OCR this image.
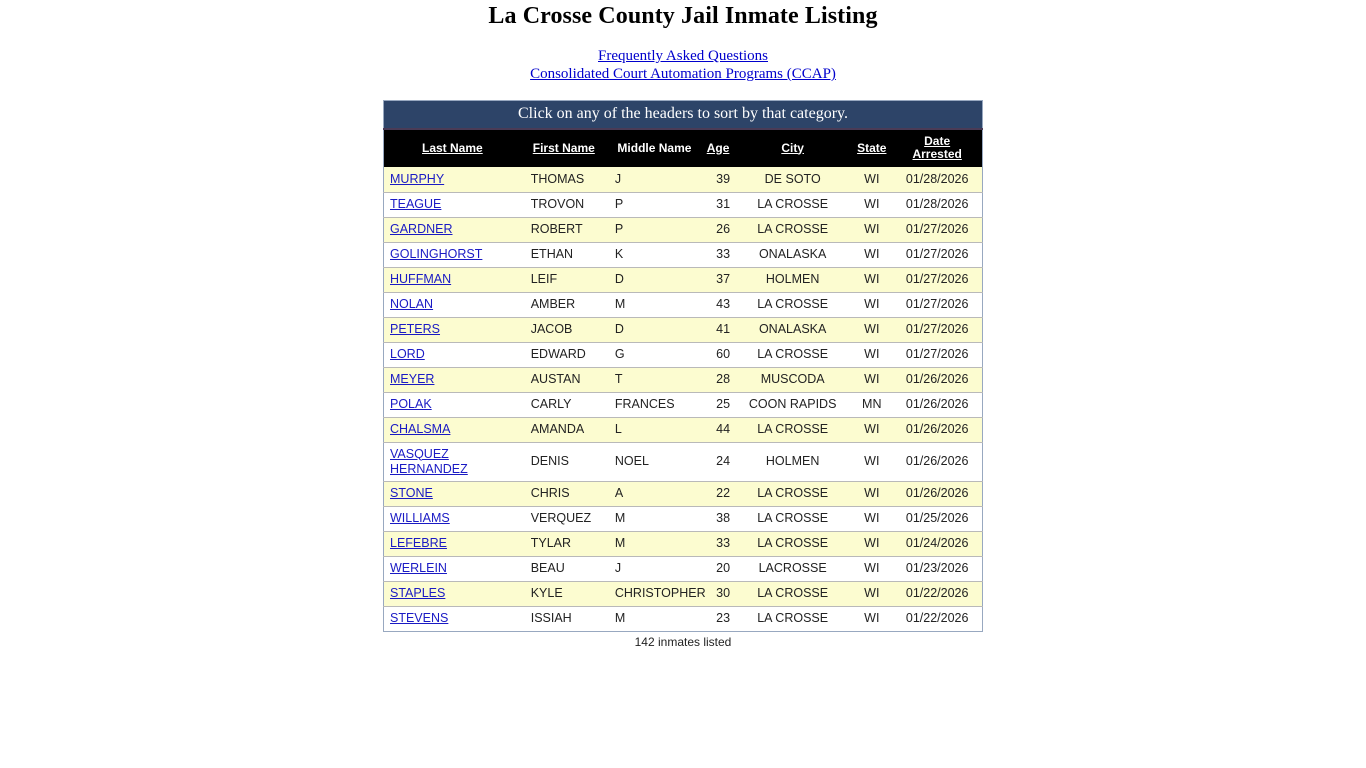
La Crosse County Jail Inmate Listing
Frequently Asked Questions
Consolidated Court Automation Programs (CCAP)
Click on any of the headers to sort by that category.						
Last Name	First Name	Middle Name	Age	City	State	Date
Arrested
MURPHY	THOMAS	J	39	DE SOTO	WI	01/28/2026
TEAGUE	TROVON	P	31	LA CROSSE	WI	01/28/2026
GARDNER	ROBERT	P	26	LA CROSSE	WI	01/27/2026
GOLINGHORST	ETHAN	K	33	ONALASKA	WI	01/27/2026
HUFFMAN	LEIF	D	37	HOLMEN	WI	01/27/2026
NOLAN	AMBER	M	43	LA CROSSE	WI	01/27/2026
PETERS	JACOB	D	41	ONALASKA	WI	01/27/2026
LORD	EDWARD	G	60	LA CROSSE	WI	01/27/2026
MEYER	AUSTAN	T	28	MUSCODA	WI	01/26/2026
POLAK	CARLY	FRANCES	25	COON RAPIDS	MN	01/26/2026
CHALSMA	AMANDA	L	44	LA CROSSE	WI	01/26/2026
VASQUEZ HERNANDEZ	DENIS	NOEL	24	HOLMEN	WI	01/26/2026
STONE	CHRIS	A	22	LA CROSSE	WI	01/26/2026
WILLIAMS	VERQUEZ	M	38	LA CROSSE	WI	01/25/2026
LEFEBRE	TYLAR	M	33	LA CROSSE	WI	01/24/2026
WERLEIN	BEAU	J	20	LACROSSE	WI	01/23/2026
STAPLES	KYLE	CHRISTOPHER	30	LA CROSSE	WI	01/22/2026
STEVENS	ISSIAH	M	23	LA CROSSE	WI	01/22/2026
142 inmates listed
